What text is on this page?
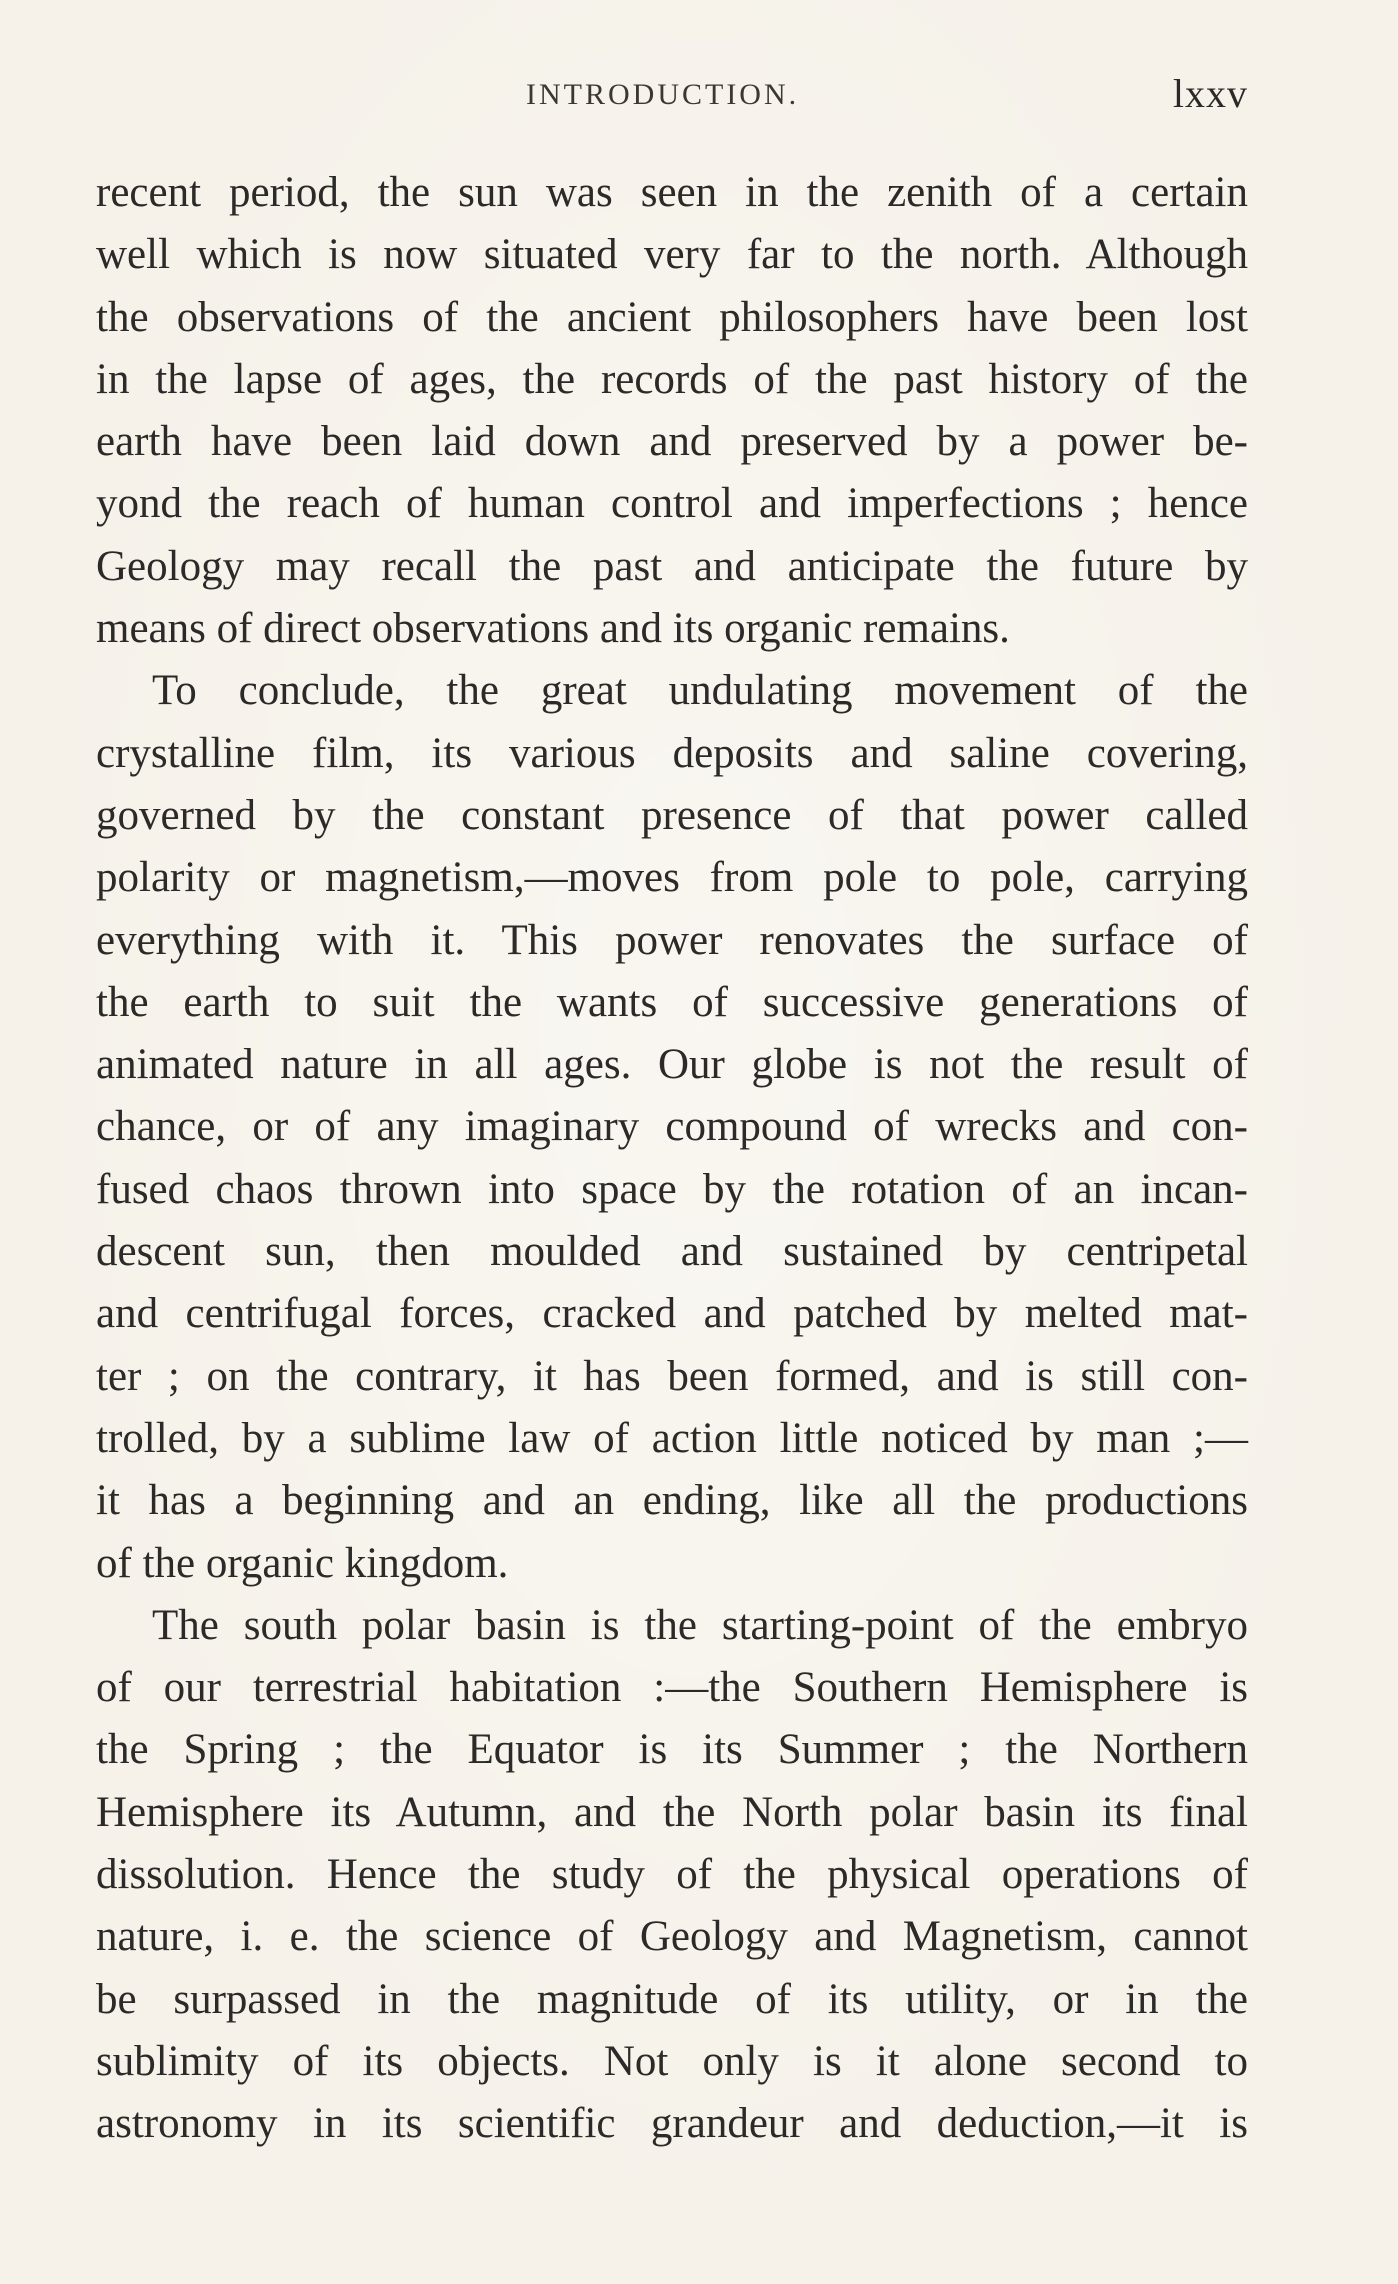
INTRODUCTION.	lxxv
recent period, the sun was seen in the zenith of a certain
well which is now situated very far to the north. Although
the observations of the ancient philosophers have been lost
in the lapse of ages, the records of the past history of the
earth have been laid down and preserved by a power be-
yond the reach of human control and imperfections ; hence
Geology may recall the past and anticipate the future by
means of direct observations and its organic remains.
To conclude, the great undulating movement of the
crystalline film, its various deposits and saline covering,
governed by the constant presence of that power called
polarity or magnetism,—moves from pole to pole, carrying
everything with it. This power renovates the surface of
the earth to suit the wants of successive generations of
animated nature in all ages. Our globe is not the result of
chance, or of any imaginary compound of wrecks and con-
fused chaos thrown into space by the rotation of an incan-
descent sun, then moulded and sustained by centripetal
and centrifugal forces, cracked and patched by melted mat-
ter ; on the contrary, it has been formed, and is still con-
trolled, by a sublime law of action little noticed by man ;—
it has a beginning and an ending, like all the productions
of the organic kingdom.
The south polar basin is the starting-point of the embryo
of our terrestrial habitation :—the Southern Hemisphere is
the Spring ; the Equator is its Summer ; the Northern
Hemisphere its Autumn, and the North polar basin its final
dissolution. Hence the study of the physical operations of
nature, i. e. the science of Geology and Magnetism, cannot
be surpassed in the magnitude of its utility, or in the
sublimity of its objects. Not only is it alone second to
astronomy in its scientific grandeur and deduction,—it is
